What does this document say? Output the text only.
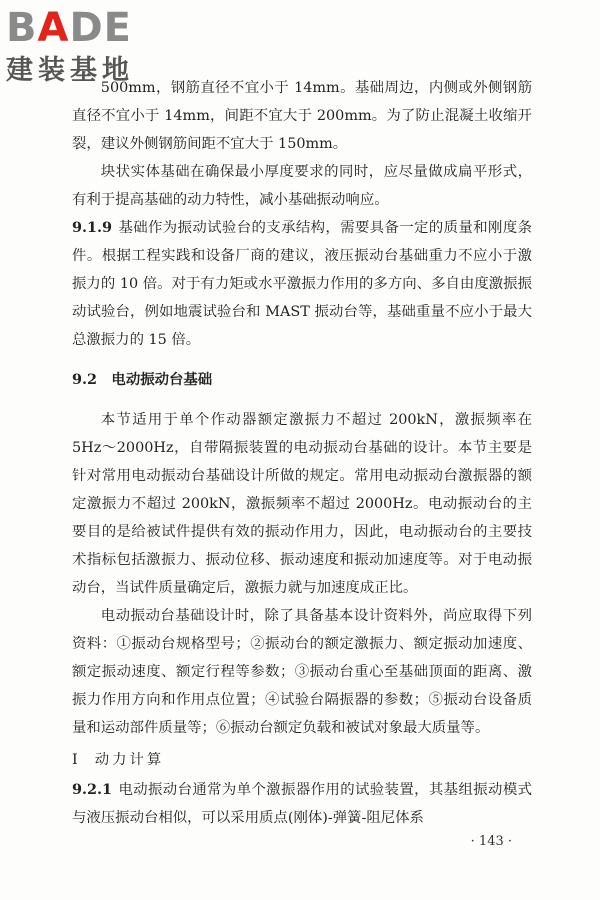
BADE
建装基地

500mm，钢筋直径不宜小于 14mm。基础周边，内侧或外侧钢筋直径不宜小于 14mm，间距不宜大于 200mm。为了防止混凝土收缩开裂，建议外侧钢筋间距不宜大于 150mm。

块状实体基础在确保最小厚度要求的同时，应尽量做成扁平形式，有利于提高基础的动力特性，减小基础振动响应。

9.1.9 基础作为振动试验台的支承结构，需要具备一定的质量和刚度条件。根据工程实践和设备厂商的建议，液压振动台基础重力不应小于激振力的 10 倍。对于有力矩或水平激振力作用的多方向、多自由度激振振动试验台，例如地震试验台和 MAST 振动台等，基础重量不应小于最大总激振力的 15 倍。

9.2　电动振动台基础

本节适用于单个作动器额定激振力不超过 200kN，激振频率在 5Hz～2000Hz，自带隔振装置的电动振动台基础的设计。本节主要是针对常用电动振动台基础设计所做的规定。常用电动振动台激振器的额定激振力不超过 200kN，激振频率不超过 2000Hz。电动振动台的主要目的是给被试件提供有效的振动作用力，因此，电动振动台的主要技术指标包括激振力、振动位移、振动速度和振动加速度等。对于电动振动台，当试件质量确定后，激振力就与加速度成正比。

电动振动台基础设计时，除了具备基本设计资料外，尚应取得下列资料：①振动台规格型号；②振动台的额定激振力、额定振动加速度、额定振动速度、额定行程等参数；③振动台重心至基础顶面的距离、激振力作用方向和作用点位置；④试验台隔振器的参数；⑤振动台设备质量和运动部件质量等；⑥振动台额定负载和被试对象最大质量等。

Ⅰ 动力计算

9.2.1 电动振动台通常为单个激振器作用的试验装置，其基组振动模式与液压振动台相似，可以采用质点(刚体)-弹簧-阻尼体系

· 143 ·
